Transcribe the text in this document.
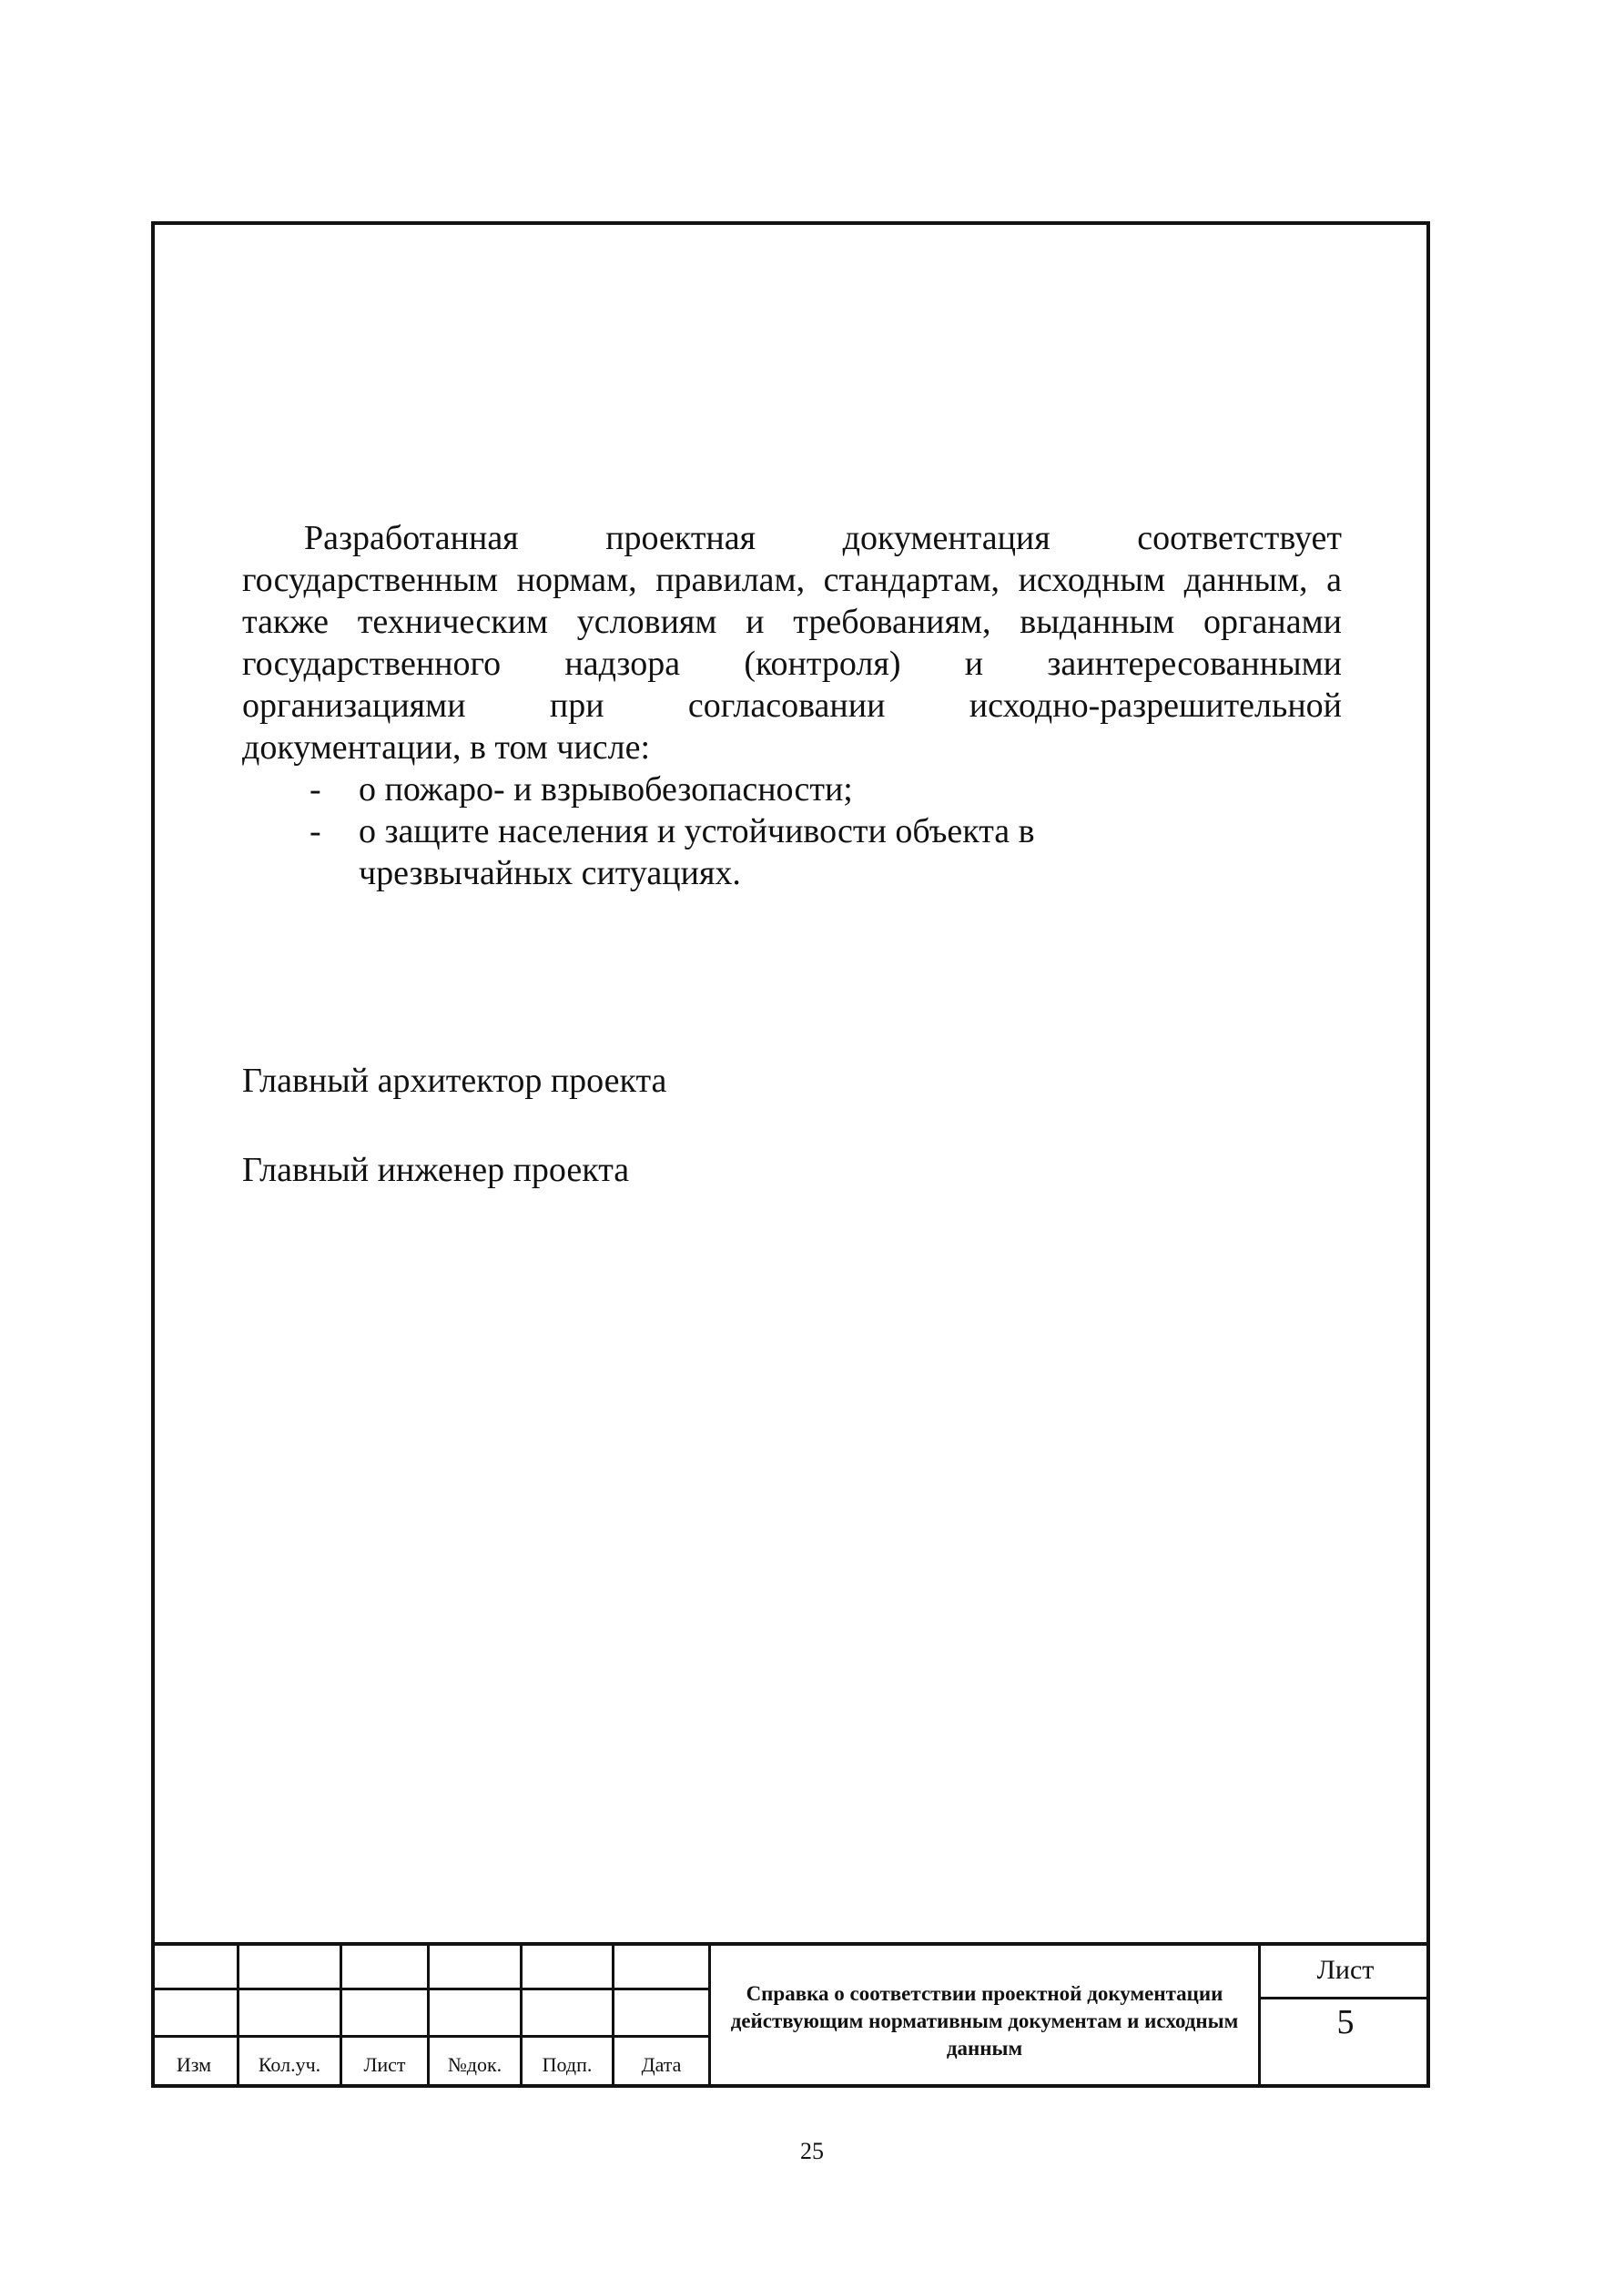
Разработанная проектная документация соответствует государственным нормам, правилам, стандартам, исходным данным, а также техническим условиям и требованиям, выданным органами государственного надзора (контроля) и заинтересованными организациями при согласовании исходно-разрешительной документации, в том числе:

- о пожаро- и взрывобезопасности;
- о защите населения и устойчивости объекта в чрезвычайных ситуациях.
Главный архитектор проекта
Главный инженер проекта
Изм	Кол.уч.	Лист	№док.	Подп.	Дата
Справка о соответствии проектной документации действующим нормативным документам и исходным данным
Лист
5
25
